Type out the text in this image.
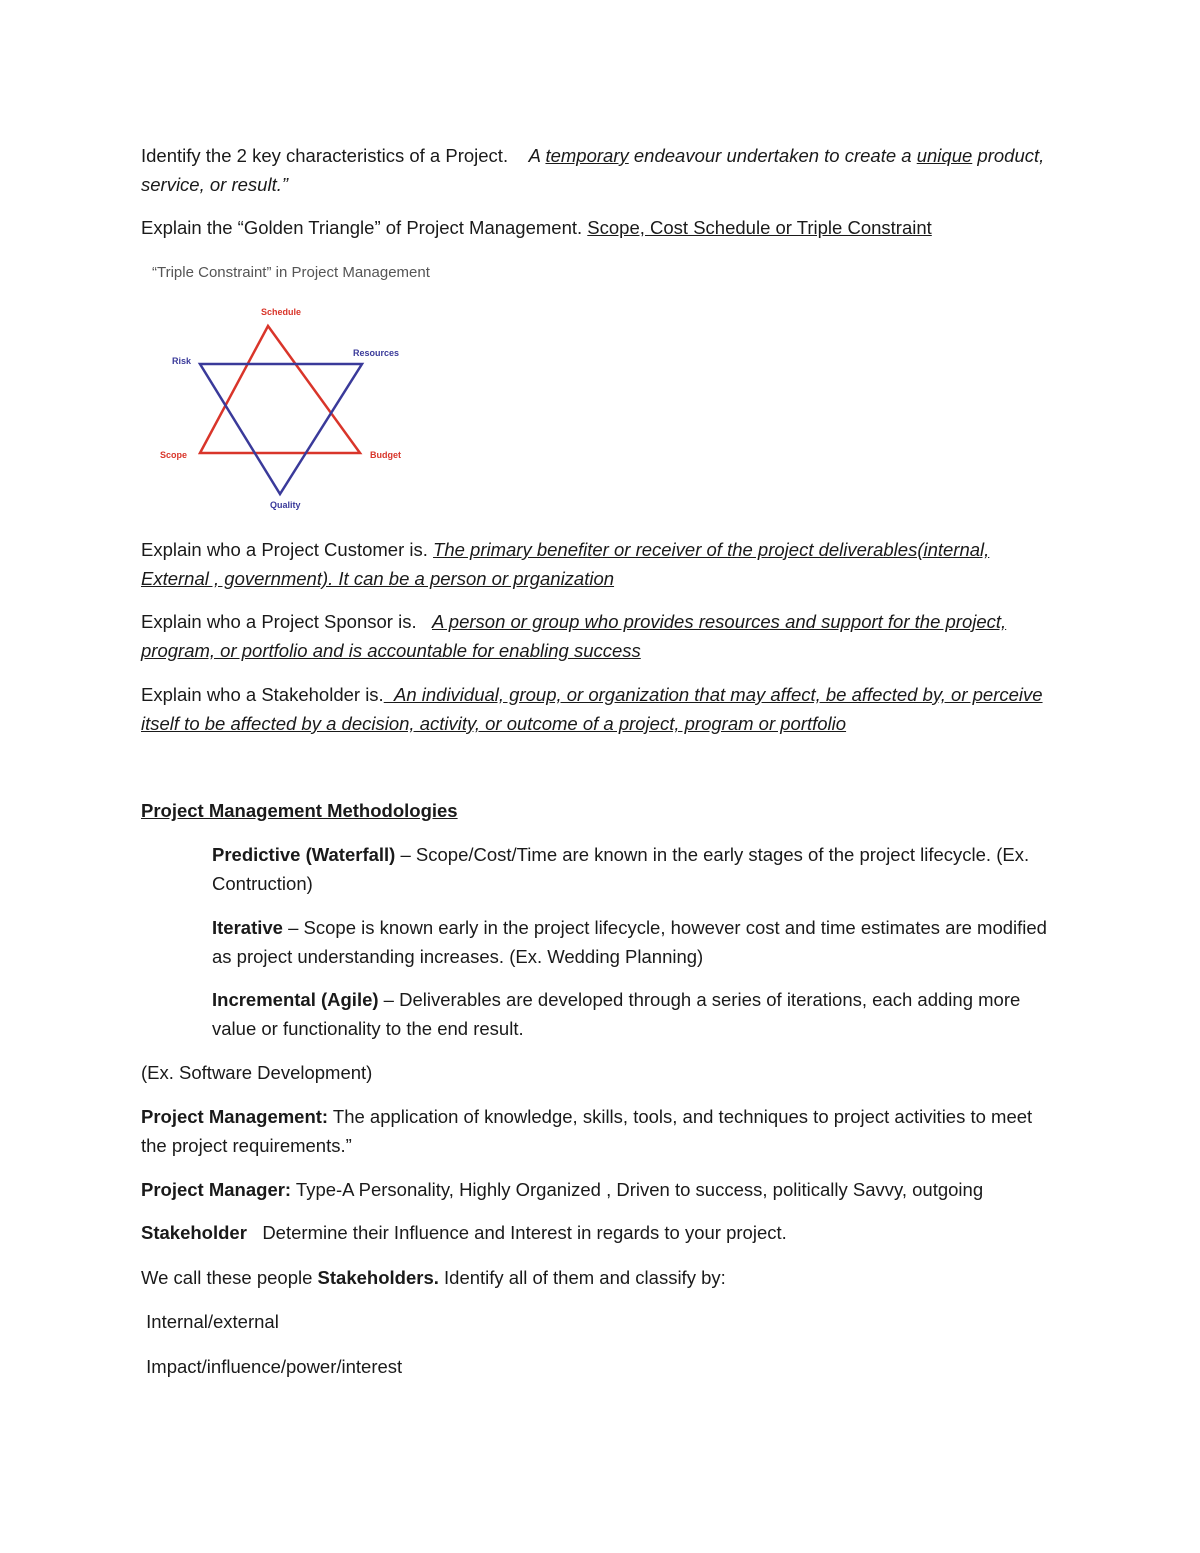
Identify the 2 key characteristics of a Project. A temporary endeavour undertaken to create a unique product, service, or result.”
Explain the “Golden Triangle” of Project Management. Scope, Cost Schedule or Triple Constraint
“Triple Constraint” in Project Management
Schedule
Risk
Resources
Scope	Budget
Quality
Explain who a Project Customer is. The primary benefiter or receiver of the project deliverables(internal, External , government). It can be a person or prganization
Explain who a Project Sponsor is. A person or group who provides resources and support for the project, program, or portfolio and is accountable for enabling success
Explain who a Stakeholder is. An individual, group, or organization that may affect, be affected by, or perceive itself to be affected by a decision, activity, or outcome of a project, program or portfolio
Project Management Methodologies
Predictive (Waterfall) – Scope/Cost/Time are known in the early stages of the project lifecycle. (Ex. Contruction)
Iterative – Scope is known early in the project lifecycle, however cost and time estimates are modified as project understanding increases. (Ex. Wedding Planning)
Incremental (Agile) – Deliverables are developed through a series of iterations, each adding more value or functionality to the end result.
(Ex. Software Development)
Project Management: The application of knowledge, skills, tools, and techniques to project activities to meet the project requirements.”
Project Manager: Type-A Personality, Highly Organized , Driven to success, politically Savvy, outgoing
Stakeholder   Determine their Influence and Interest in regards to your project.
We call these people Stakeholders. Identify all of them and classify by:
Internal/external
Impact/influence/power/interest
